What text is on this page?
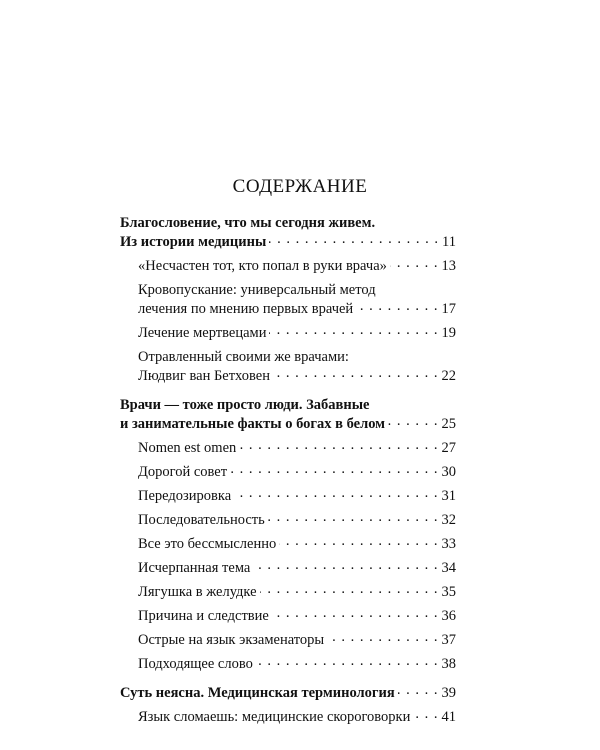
СОДЕРЖАНИЕ
Благословение, что мы сегодня живем.
Из истории медицины . . .	11
«Несчастен тот, кто попал в руки врача» . . .	13
Кровопускание: универсальный метод
лечения по мнению первых врачей . . .	17
Лечение мертвецами . . .	19
Отравленный своими же врачами:
Людвиг ван Бетховен . . .	22
Врачи — тоже просто люди. Забавные
и занимательные факты о богах в белом . . .	25
Nomen est omen . . .	27
Дорогой совет . . .	30
Передозировка . . .	31
Последовательность . . .	32
Все это бессмысленно . . .	33
Исчерпанная тема . . .	34
Лягушка в желудке . . .	35
Причина и следствие . . .	36
Острые на язык экзаменаторы . . .	37
Подходящее слово . . .	38
Суть неясна. Медицинская терминология . . .	39
Язык сломаешь: медицинские скороговорки . . . 41
